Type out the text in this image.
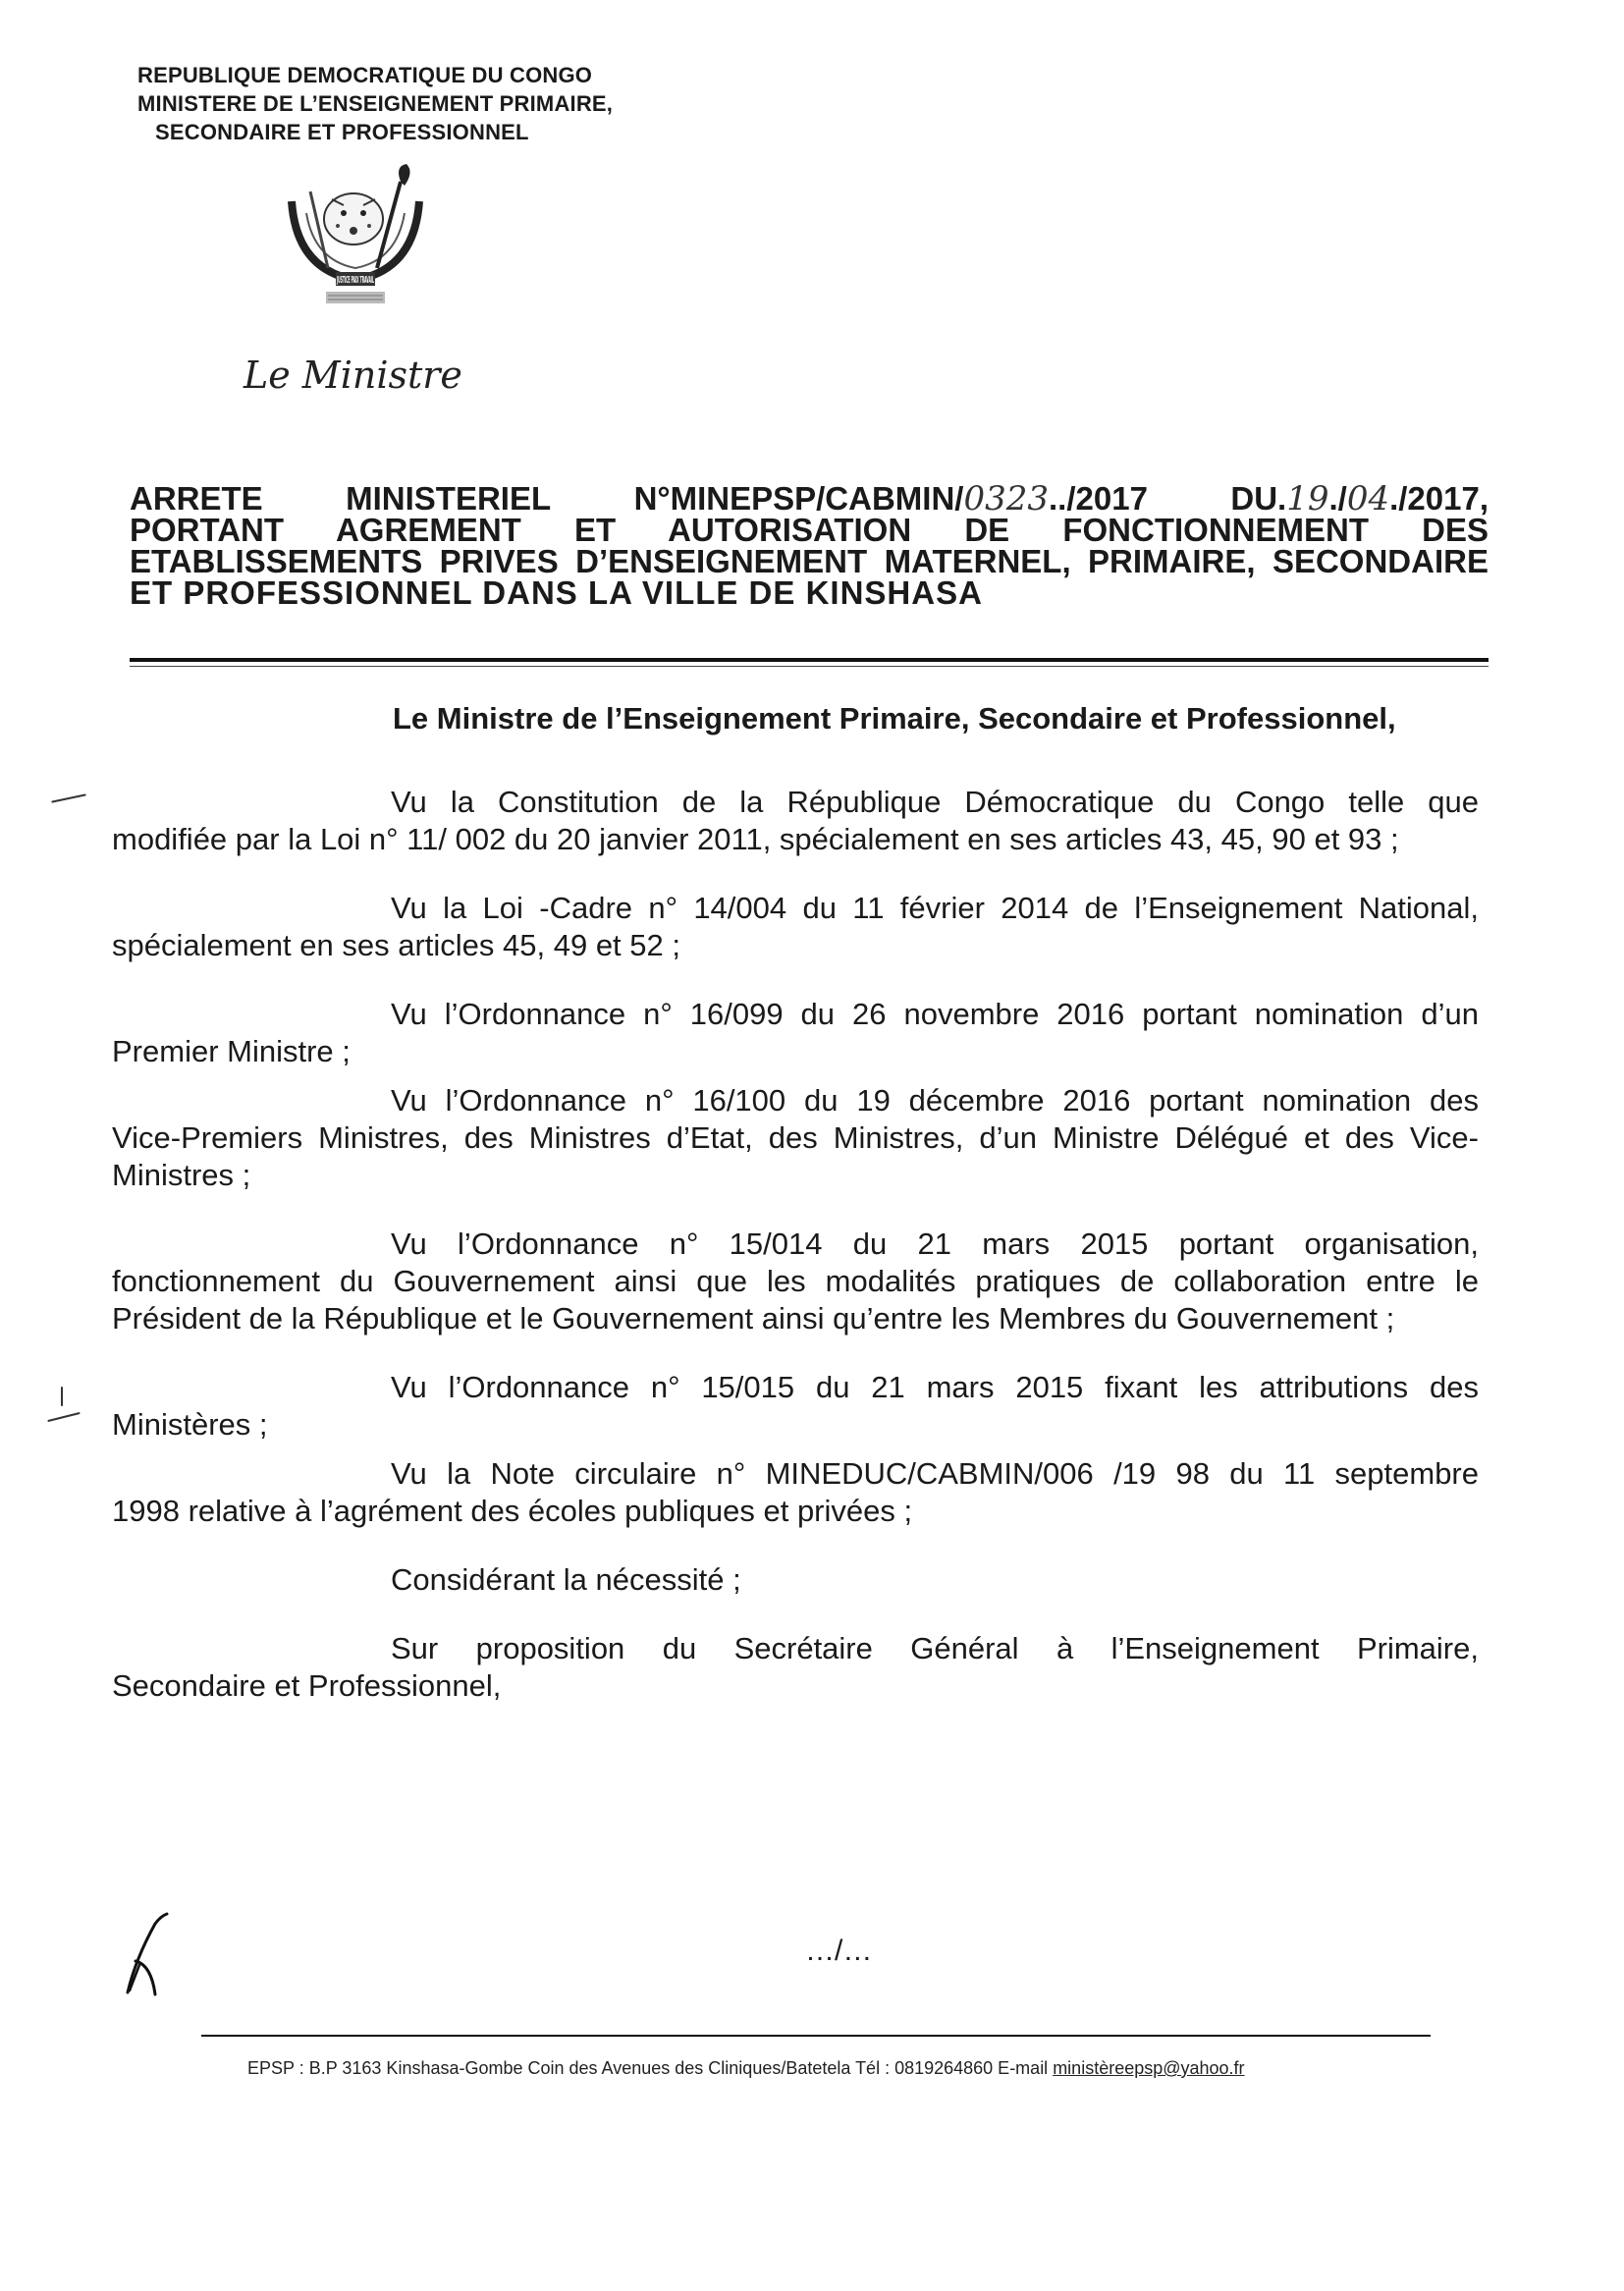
REPUBLIQUE DEMOCRATIQUE DU CONGO
MINISTERE DE L’ENSEIGNEMENT PRIMAIRE,
SECONDAIRE ET PROFESSIONNEL
JUSTICE PAIX TRAVAIL
Le Ministre
ARRETE	MINISTERIEL	N°MINEPSP/CABMIN/0323../2017	DU.19./04./2017,
PORTANT AGREMENT ET AUTORISATION DE FONCTIONNEMENT DES
ETABLISSEMENTS PRIVES D’ENSEIGNEMENT MATERNEL, PRIMAIRE, SECONDAIRE
ET PROFESSIONNEL DANS LA VILLE DE KINSHASA
Le Ministre de l’Enseignement Primaire, Secondaire et Professionnel,

Vu la Constitution de la République Démocratique du Congo telle que

modifiée par la Loi n° 11/ 002 du 20 janvier 2011, spécialement en ses articles 43, 45, 90 et 93 ;

Vu la Loi -Cadre n° 14/004 du 11 février 2014 de l’Enseignement National,

spécialement en ses articles 45, 49 et 52 ;

Vu l’Ordonnance n° 16/099 du 26 novembre 2016 portant nomination d’un

Premier Ministre ;

Vu l’Ordonnance n° 16/100 du 19 décembre 2016 portant nomination des

Vice-Premiers Ministres, des Ministres d’Etat, des Ministres, d’un Ministre Délégué et des Vice-Ministres ;

Vu l’Ordonnance n° 15/014 du 21 mars 2015 portant organisation,

fonctionnement du Gouvernement ainsi que les modalités pratiques de collaboration entre le Président de la République et le Gouvernement ainsi qu’entre les Membres du Gouvernement ;

Vu l’Ordonnance n° 15/015 du 21 mars 2015 fixant les attributions des

Ministères ;

Vu la Note circulaire n° MINEDUC/CABMIN/006 /19 98 du 11 septembre

1998 relative à l’agrément des écoles publiques et privées ;

Considérant la nécessité ;

Sur proposition du Secrétaire Général à l’Enseignement Primaire,

Secondaire et Professionnel,

…/…
EPSP : B.P 3163 Kinshasa-Gombe Coin des Avenues des Cliniques/Batetela Tél : 0819264860 E-mail ministèreepsp@yahoo.fr
